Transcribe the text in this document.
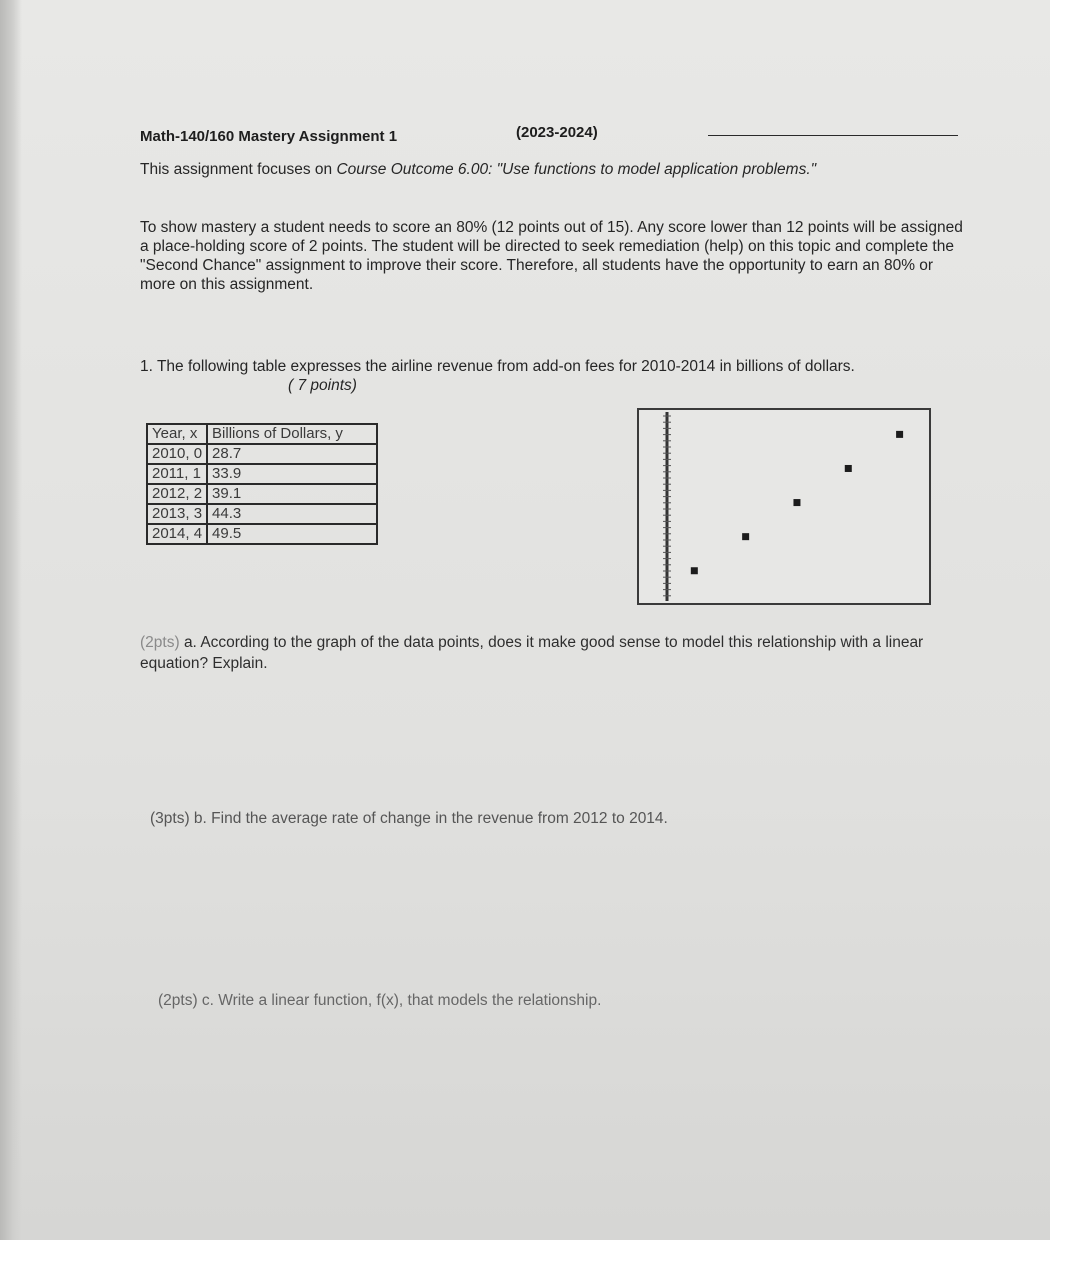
Math-140/160 Mastery Assignment 1	(2023-2024)
This assignment focuses on Course Outcome 6.00: "Use functions to model application problems."
To show mastery a student needs to score an 80% (12 points out of 15). Any score lower than 12 points will be assigned a place-holding score of 2 points. The student will be directed to seek remediation (help) on this topic and complete the "Second Chance" assignment to improve their score. Therefore, all students have the opportunity to earn an 80% or more on this assignment.
1. The following table expresses the airline revenue from add-on fees for 2010-2014 in billions of dollars. ( 7 points)
Year, x	Billions of Dollars, y
2010, 0	28.7
2011, 1	33.9
2012, 2	39.1
2013, 3	44.3
2014, 4	49.5
(2pts) a. According to the graph of the data points, does it make good sense to model this relationship with a linear equation? Explain.
(3pts) b. Find the average rate of change in the revenue from 2012 to 2014.
(2pts) c. Write a linear function, f(x), that models the relationship.
